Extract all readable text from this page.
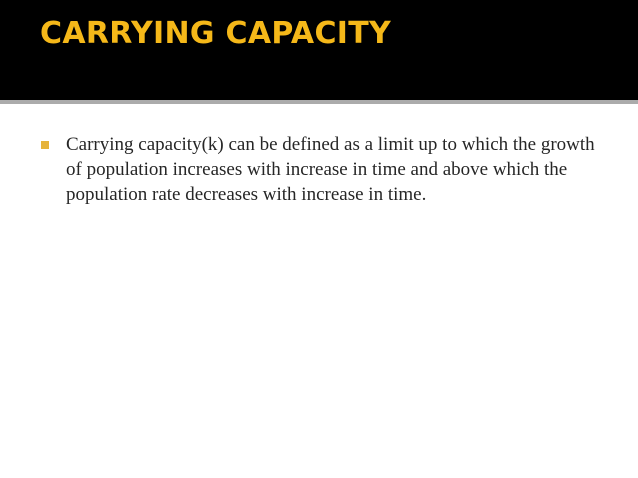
CARRYING CAPACITY
Carrying capacity(k) can be defined as a limit up to which the growth of population increases with increase in time and above which the population rate decreases with increase in time.
